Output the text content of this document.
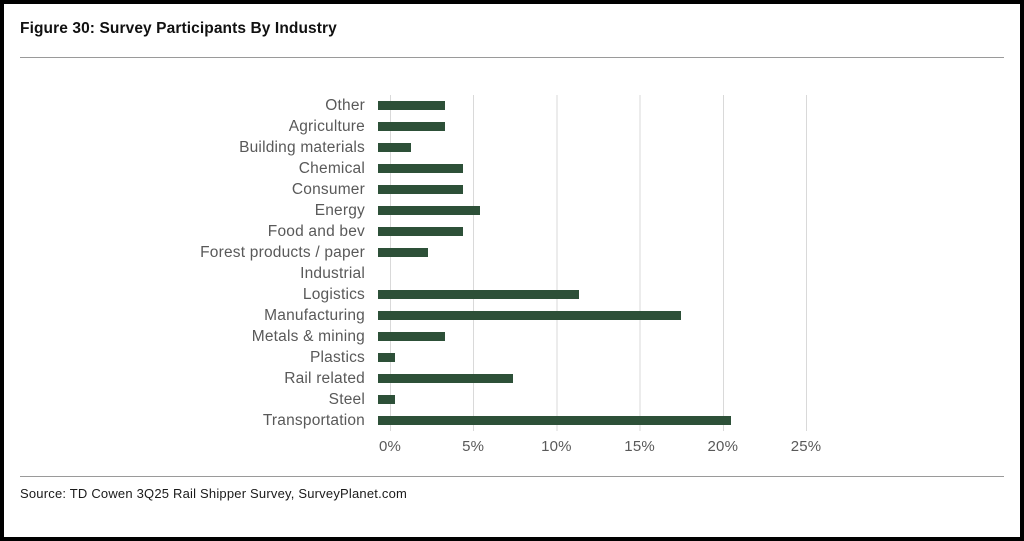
Figure 30: Survey Participants By Industry
Other
Agriculture
Building materials
Chemical
Consumer
Energy
Food and bev
Forest products / paper
Industrial
Logistics
Manufacturing
Metals & mining
Plastics
Rail related
Steel
Transportation
0%	5%	10%	15%	20%	25%
Source: TD Cowen 3Q25 Rail Shipper Survey, SurveyPlanet.com
